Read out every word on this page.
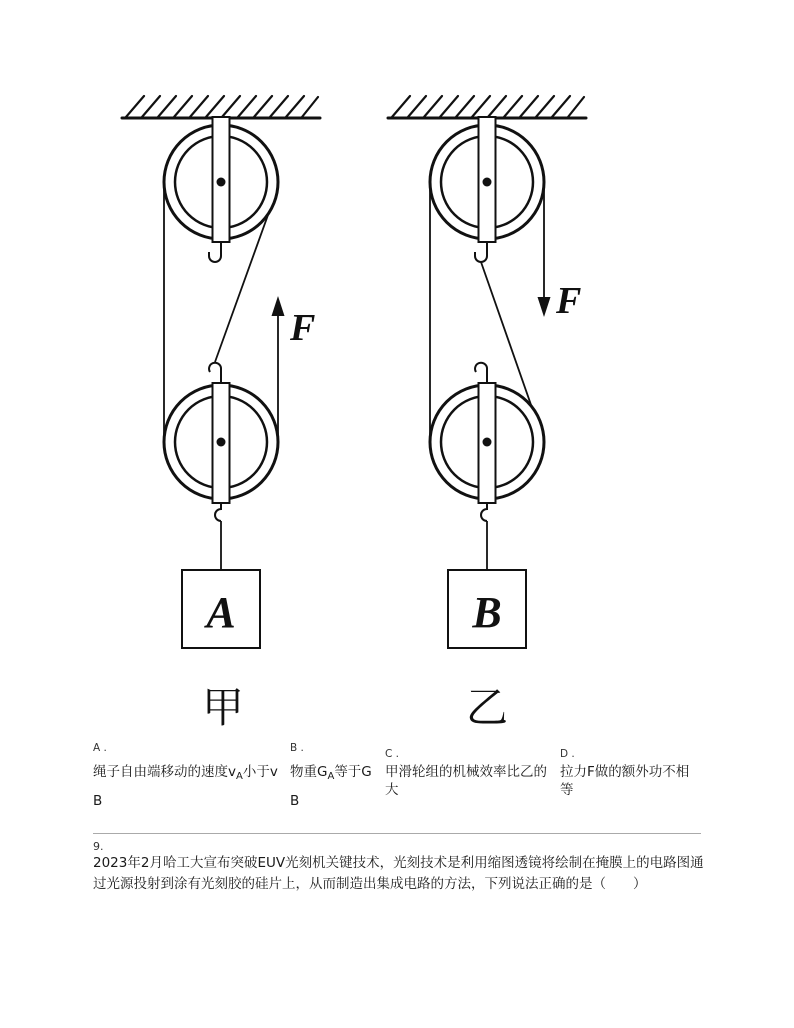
A
F
甲
B
F
乙
A .
绳子自由端移动的速度$v_A$小于v
B
B .
物重$G_A$等于G
B
C .
甲滑轮组的机械效率比乙的
大
D .
拉力F做的额外功不相
等
9.
2023年2月哈工大宣布突破EUV光刻机关键技术，光刻技术是利用缩图透镜将绘制在掩膜上的电路图通
过光源投射到涂有光刻胶的硅片上，从而制造出集成电路的方法，下列说法正确的是（　　）
